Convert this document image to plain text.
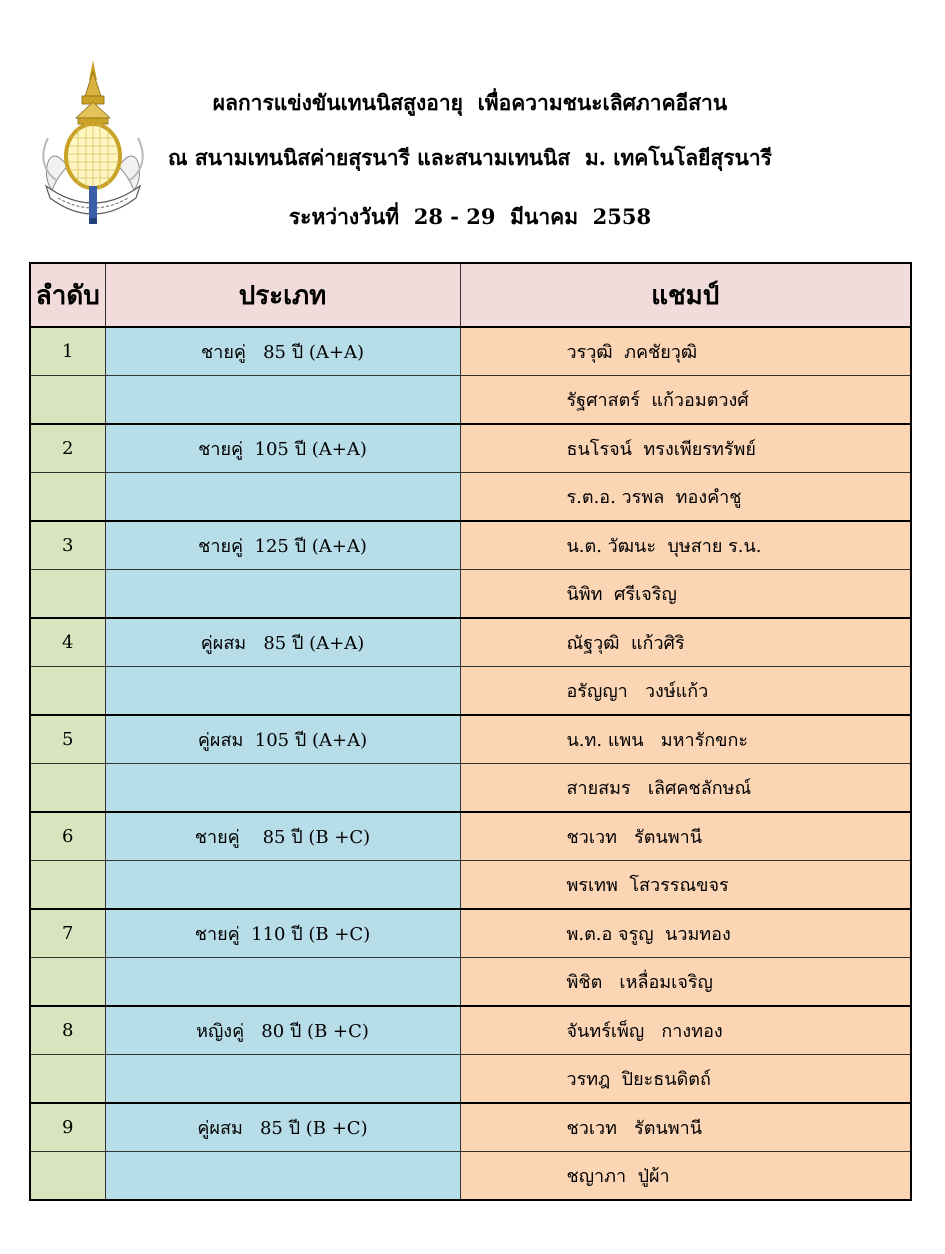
ผลการแข่งขันเทนนิสสูงอายุ  เพื่อความชนะเลิศภาคอีสาน
ณ สนามเทนนิสค่ายสุรนารี และสนามเทนนิส  ม. เทคโนโลยีสุรนารี
ระหว่างวันที่  28 - 29  มีนาคม  2558
ลำดับ	ประเภท	แชมป์
1	ชายคู่   85 ปี (A+A)	วรวุฒิ  ภคชัยวุฒิ
		รัฐศาสตร์  แก้วอมตวงศ์
2	ชายคู่  105 ปี (A+A)	ธนโรจน์  ทรงเพียรทรัพย์
		ร.ต.อ. วรพล  ทองคำชู
3	ชายคู่  125 ปี (A+A)	น.ต. วัฒนะ  บุษสาย ร.น.
		นิพิท  ศรีเจริญ
4	คู่ผสม   85 ปี (A+A)	ณัฐวุฒิ  แก้วศิริ
		อรัญญา   วงษ์แก้ว
5	คู่ผสม  105 ปี (A+A)	น.ท. แพน   มหารักขกะ
		สายสมร   เลิศคชลักษณ์
6	ชายคู่    85 ปี (B +C)	ชวเวท   รัตนพานี
		พรเทพ  โสวรรณขจร
7	ชายคู่  110 ปี (B +C)	พ.ต.อ จรูญ  นวมทอง
		พิชิต   เหลื่อมเจริญ
8	หญิงคู่   80 ปี (B +C)	จันทร์เพ็ญ   กางทอง
		วรทฎ  ปิยะธนดิตถ์
9	คู่ผสม   85 ปี (B +C)	ชวเวท   รัตนพานี
		ชญาภา  ปู่ผ้า
